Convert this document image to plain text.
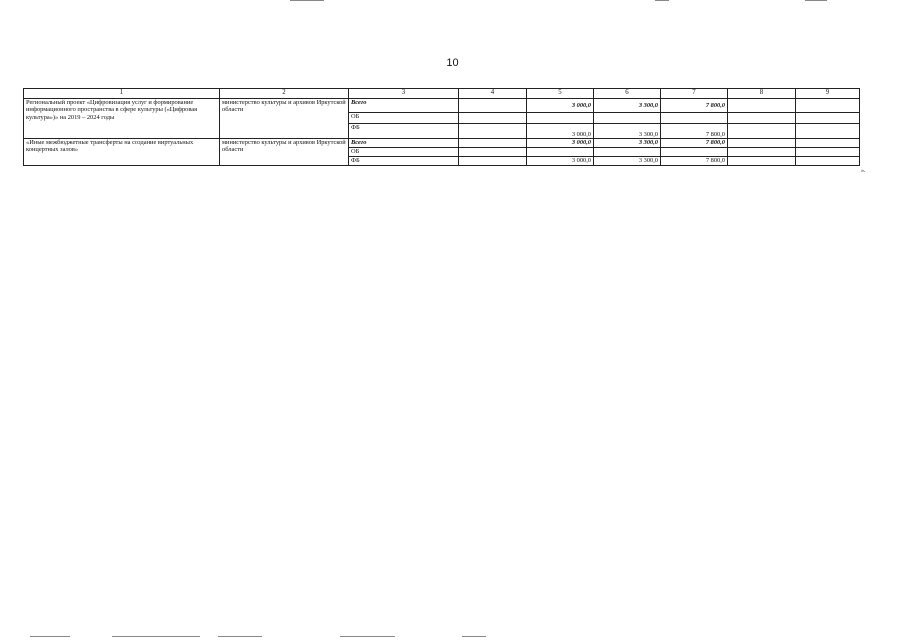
10
1	2	3	4	5	6	7	8	9
Региональный проект «Цифровизация услуг и формирование информационного пространства в сфере культуры («Цифровая культура»)» на 2019 – 2024 годы	министерство культуры и архивов Иркутской области	Всего		3 000,0	3 300,0	7 800,0		
		ОБ						
		ФБ		3 000,0	3 300,0	7 800,0		
«Иные межбюджетные трансферты на создание виртуальных концертных залов»	министерство культуры и архивов Иркутской области	Всего		3 000,0	3 300,0	7 800,0		
		ОБ						
		ФБ		3 000,0	3 300,0	7 800,0		
».
